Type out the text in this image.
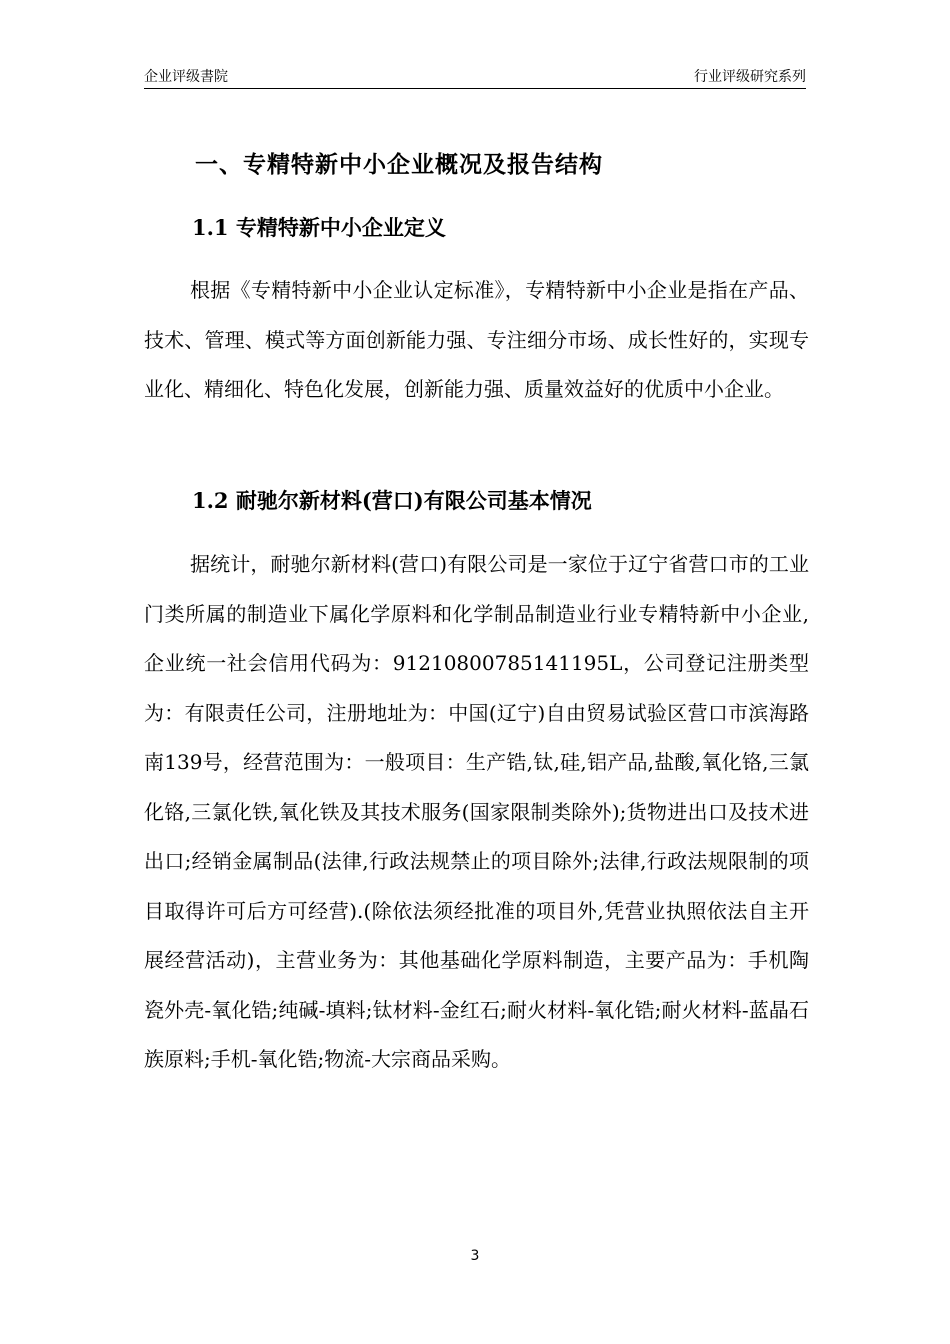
企业评级書院	行业评级研究系列
一、专精特新中小企业概况及报告结构
1.1 专精特新中小企业定义

根据《专精特新中小企业认定标准》，专精特新中小企业是指在产品、技术、管理、模式等方面创新能力强、专注细分市场、成长性好的，实现专业化、精细化、特色化发展，创新能力强、质量效益好的优质中小企业。

1.2 耐驰尔新材料(营口)有限公司基本情况

据统计，耐驰尔新材料(营口)有限公司是一家位于辽宁省营口市的工业门类所属的制造业下属化学原料和化学制品制造业行业专精特新中小企业,企业统一社会信用代码为：91210800785141195L，公司登记注册类型为：有限责任公司，注册地址为：中国(辽宁)自由贸易试验区营口市滨海路南139号，经营范围为：一般项目：生产锆,钛,硅,铝产品,盐酸,氧化铬,三氯化铬,三氯化铁,氧化铁及其技术服务(国家限制类除外);货物进出口及技术进出口;经销金属制品(法律,行政法规禁止的项目除外;法律,行政法规限制的项目取得许可后方可经营).(除依法须经批准的项目外,凭营业执照依法自主开展经营活动)，主营业务为：其他基础化学原料制造，主要产品为：手机陶瓷外壳-氧化锆;纯碱-填料;钛材料-金红石;耐火材料-氧化锆;耐火材料-蓝晶石族原料;手机-氧化锆;物流-大宗商品采购。

3
